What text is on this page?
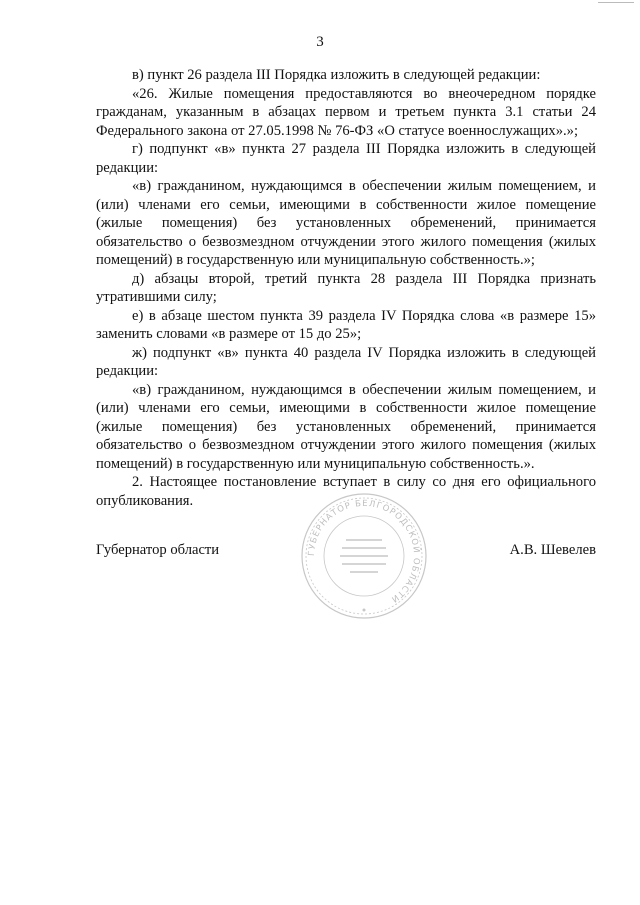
3

в) пункт 26 раздела III Порядка изложить в следующей редакции:

«26. Жилые помещения предоставляются во внеочередном порядке гражданам, указанным в абзацах первом и третьем пункта 3.1 статьи 24 Федерального закона от 27.05.1998 № 76-ФЗ «О статусе военнослужащих».»;

г) подпункт «в» пункта 27 раздела III Порядка изложить в следующей редакции:

«в) гражданином, нуждающимся в обеспечении жилым помещением, и (или) членами его семьи, имеющими в собственности жилое помещение (жилые помещения) без установленных обременений, принимается обязательство о безвозмездном отчуждении этого жилого помещения (жилых помещений) в государственную или муниципальную собственность.»;

д) абзацы второй, третий пункта 28 раздела III Порядка признать утратившими силу;

е) в абзаце шестом пункта 39 раздела IV Порядка слова «в размере 15» заменить словами «в размере от 15 до 25»;

ж) подпункт «в» пункта 40 раздела IV Порядка изложить в следующей редакции:

«в) гражданином, нуждающимся в обеспечении жилым помещением, и (или) членами его семьи, имеющими в собственности жилое помещение (жилые помещения) без установленных обременений, принимается обязательство о безвозмездном отчуждении этого жилого помещения (жилых помещений) в государственную или муниципальную собственность.».

2. Настоящее постановление вступает в силу со дня его официального опубликования.

ГУБЕРНАТОР БЕЛГОРОДСКОЙ ОБЛАСТИ
Губернатор области	А.В. Шевелев
